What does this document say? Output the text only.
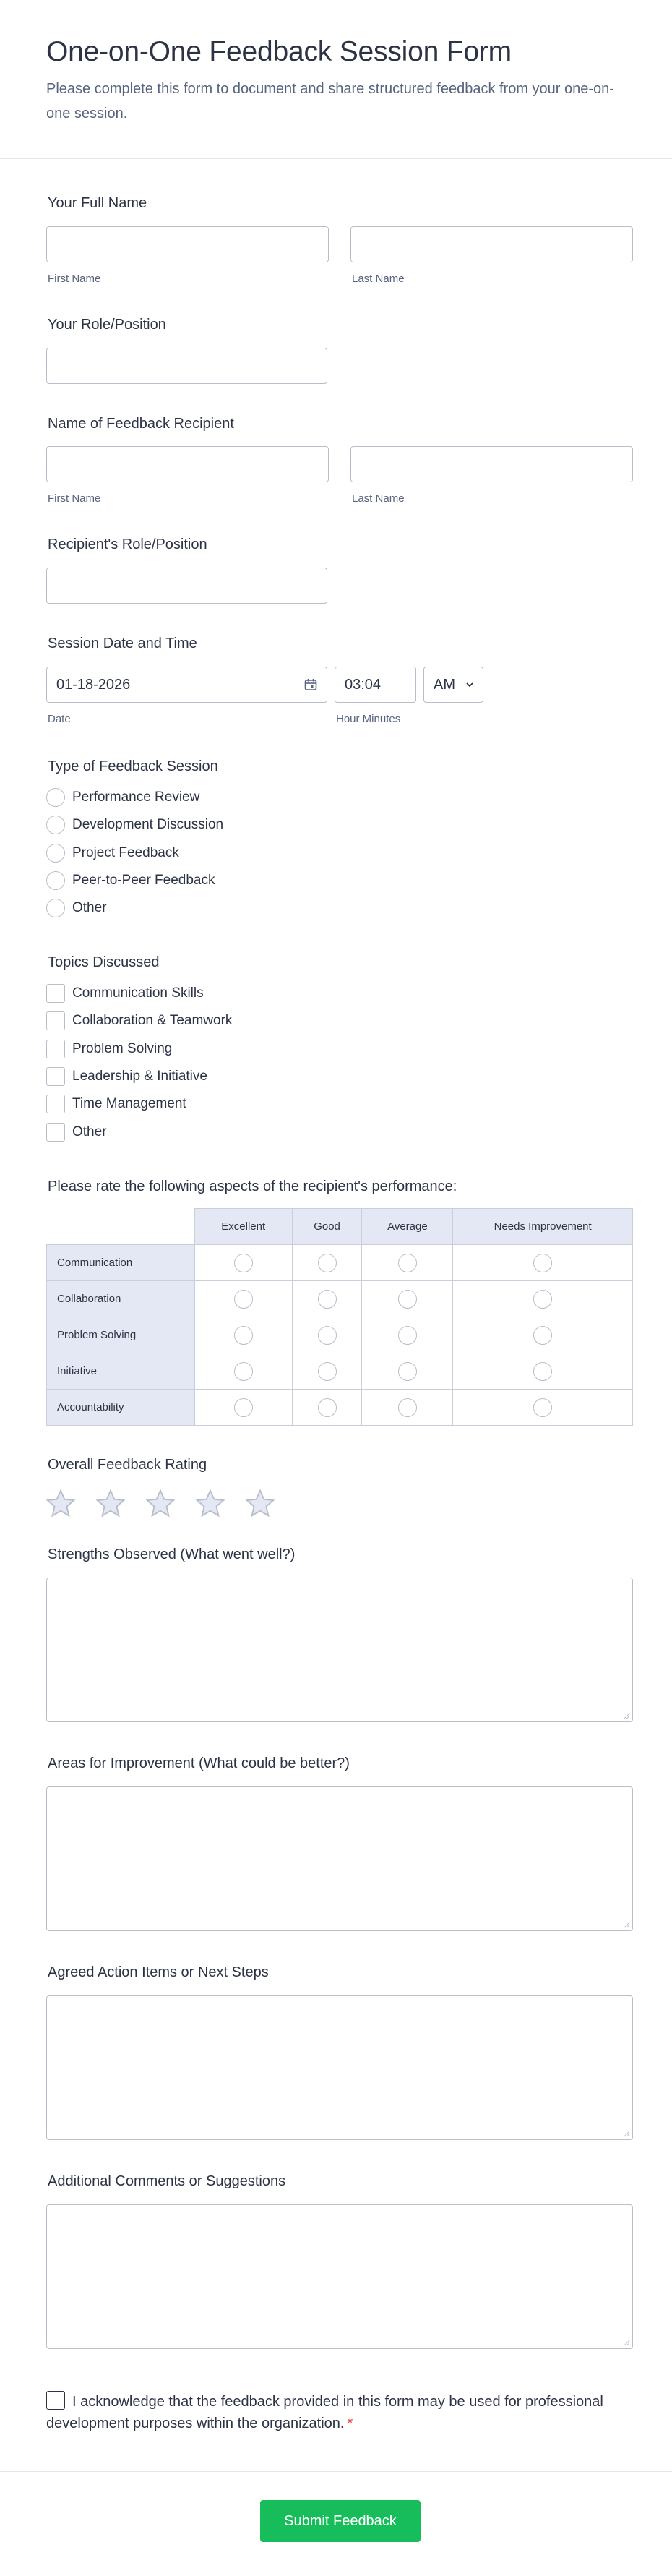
One-on-One Feedback Session Form
Please complete this form to document and share structured feedback from your one-on-one session.
Your Full Name
First Name	Last Name
Your Role/Position
Name of Feedback Recipient
First Name	Last Name
Recipient's Role/Position
Session Date and Time
01-18-2026	03:04	AM
Date	Hour Minutes
Type of Feedback Session
Performance Review
Development Discussion
Project Feedback
Peer-to-Peer Feedback
Other
Topics Discussed
Communication Skills
Collaboration & Teamwork
Problem Solving
Leadership & Initiative
Time Management
Other
Please rate the following aspects of the recipient's performance:
	Excellent	Good	Average	Needs Improvement
Communication				
Collaboration				
Problem Solving				
Initiative				
Accountability				
Overall Feedback Rating
Strengths Observed (What went well?)
Areas for Improvement (What could be better?)
Agreed Action Items or Next Steps
Additional Comments or Suggestions
I acknowledge that the feedback provided in this form may be used for professional development purposes within the organization. *
Submit Feedback
